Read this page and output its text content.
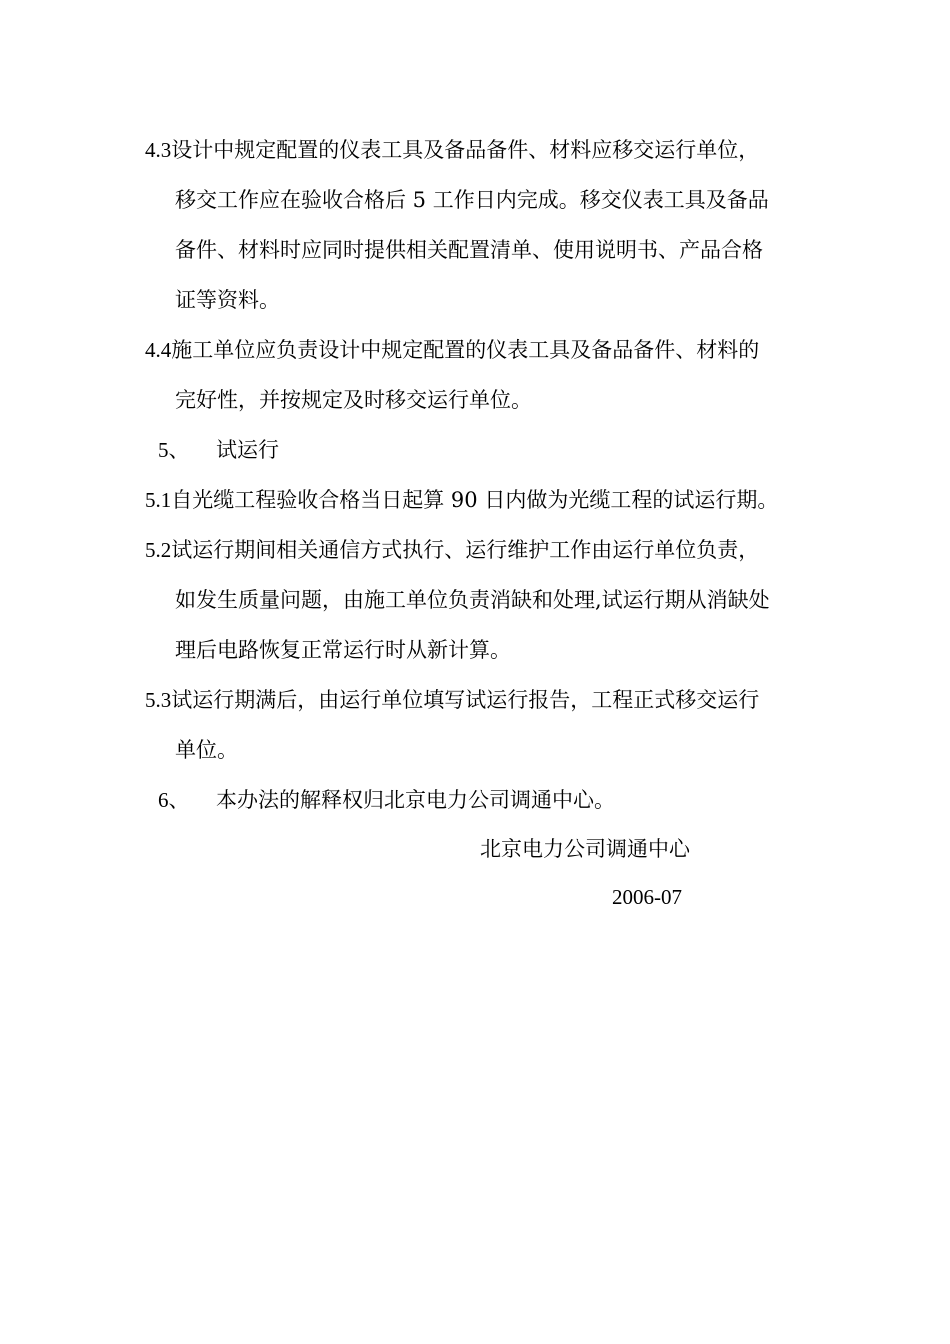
4.3设计中规定配置的仪表工具及备品备件、材料应移交运行单位，
移交工作应在验收合格后 5 工作日内完成。移交仪表工具及备品
备件、材料时应同时提供相关配置清单、使用说明书、产品合格
证等资料。
4.4施工单位应负责设计中规定配置的仪表工具及备品备件、材料的
完好性，并按规定及时移交运行单位。
5、 试运行
5.1自光缆工程验收合格当日起算 90 日内做为光缆工程的试运行期。
5.2试运行期间相关通信方式执行、运行维护工作由运行单位负责，
如发生质量问题，由施工单位负责消缺和处理,试运行期从消缺处
理后电路恢复正常运行时从新计算。
5.3试运行期满后，由运行单位填写试运行报告，工程正式移交运行
单位。
6、 本办法的解释权归北京电力公司调通中心。
北京电力公司调通中心
2006-07
